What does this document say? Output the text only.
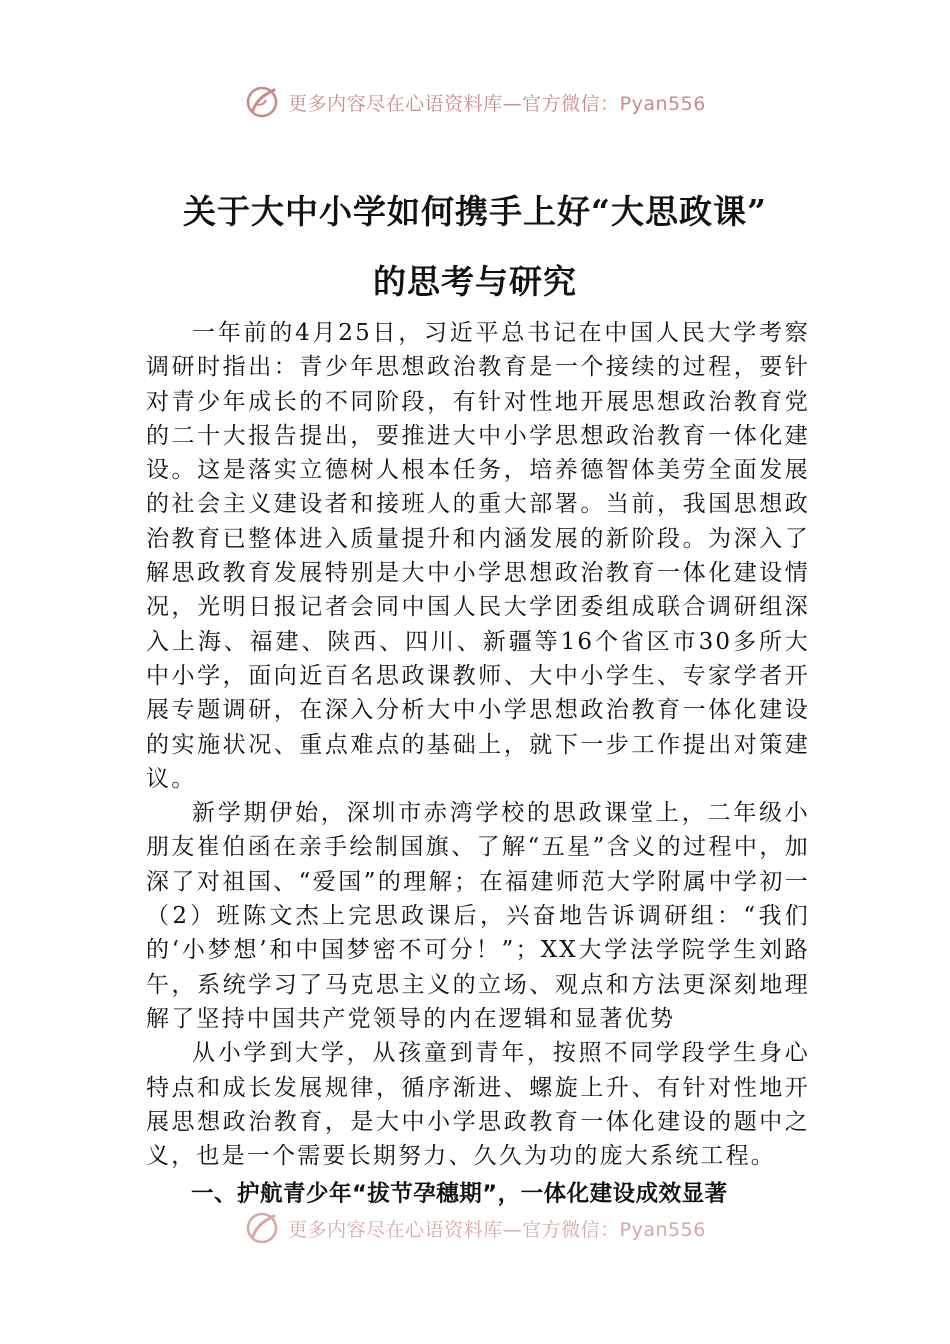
更多内容尽在心语资料库—官方微信：Pyan556
关于大中小学如何携手上好“大思政课”
的思考与研究

一年前的4月25日，习近平总书记在中国人民大学考察调研时指出：青少年思想政治教育是一个接续的过程，要针对青少年成长的不同阶段，有针对性地开展思想政治教育党的二十大报告提出，要推进大中小学思想政治教育一体化建设。这是落实立德树人根本任务，培养德智体美劳全面发展的社会主义建设者和接班人的重大部署。当前，我国思想政治教育已整体进入质量提升和内涵发展的新阶段。为深入了解思政教育发展特别是大中小学思想政治教育一体化建设情况，光明日报记者会同中国人民大学团委组成联合调研组深入上海、福建、陕西、四川、新疆等16个省区市30多所大中小学，面向近百名思政课教师、大中小学生、专家学者开展专题调研，在深入分析大中小学思想政治教育一体化建设的实施状况、重点难点的基础上，就下一步工作提出对策建议。

新学期伊始，深圳市赤湾学校的思政课堂上，二年级小朋友崔伯函在亲手绘制国旗、了解“五星”含义的过程中，加深了对祖国、“爱国”的理解；在福建师范大学附属中学初一（2）班陈文杰上完思政课后，兴奋地告诉调研组：“我们的‘小梦想’和中国梦密不可分！”；XX大学法学院学生刘路午，系统学习了马克思主义的立场、观点和方法更深刻地理解了坚持中国共产党领导的内在逻辑和显著优势

从小学到大学，从孩童到青年，按照不同学段学生身心特点和成长发展规律，循序渐进、螺旋上升、有针对性地开展思想政治教育，是大中小学思政教育一体化建设的题中之义，也是一个需要长期努力、久久为功的庞大系统工程。

一、护航青少年“拔节孕穗期”，一体化建设成效显著

更多内容尽在心语资料库—官方微信：Pyan556
